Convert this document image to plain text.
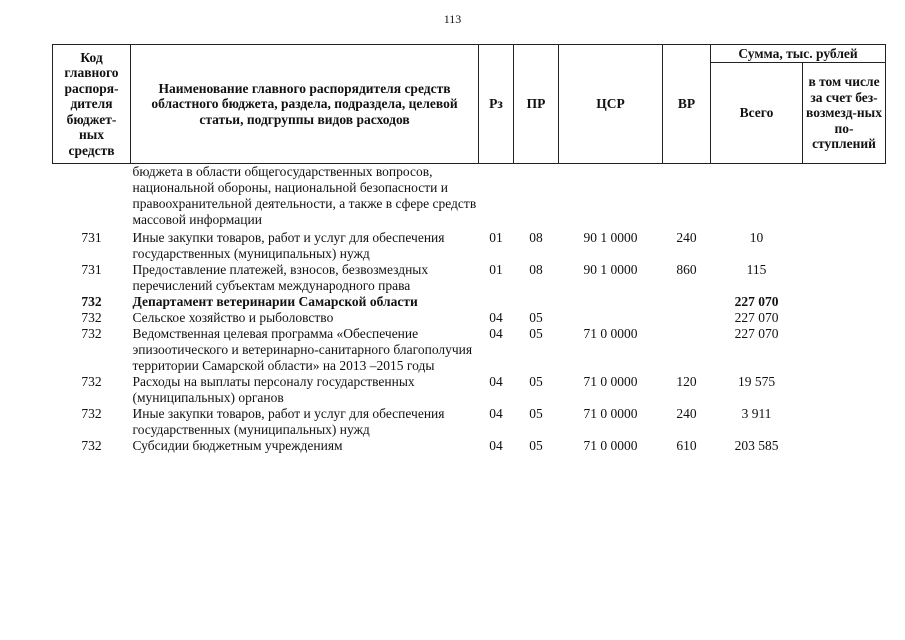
113
Код главного распоря-дителя бюджет-ных средств	Наименование главного распорядителя средств областного бюджета, раздела, подраздела, целевой статьи, подгруппы видов расходов	Рз	ПР	ЦСР	ВР	Сумма, тыс. рублей	
						Всего	в том числе за счет без-возмезд-ных по-ступлений
	бюджета в области общегосударственных вопросов, национальной обороны, национальной безопасности и правоохранительной деятельности, а также в сфере средств массовой информации						
731	Иные закупки товаров, работ и услуг для обеспечения государственных (муниципальных) нужд	01	08	90 1 0000	240	10	
731	Предоставление платежей, взносов, безвозмездных перечислений субъектам международного права	01	08	90 1 0000	860	115	
732	Департамент ветеринарии Самарской области					227 070	
732	Сельское хозяйство и рыболовство	04	05			227 070	
732	Ведомственная целевая программа «Обеспечение эпизоотического и ветеринарно-санитарного благополучия территории Самарской области» на 2013 –2015 годы	04	05	71 0 0000		227 070	
732	Расходы на выплаты персоналу государственных (муниципальных) органов	04	05	71 0 0000	120	19 575	
732	Иные закупки товаров, работ и услуг для обеспечения государственных (муниципальных) нужд	04	05	71 0 0000	240	3 911	
732	Субсидии бюджетным учреждениям	04	05	71 0 0000	610	203 585	
